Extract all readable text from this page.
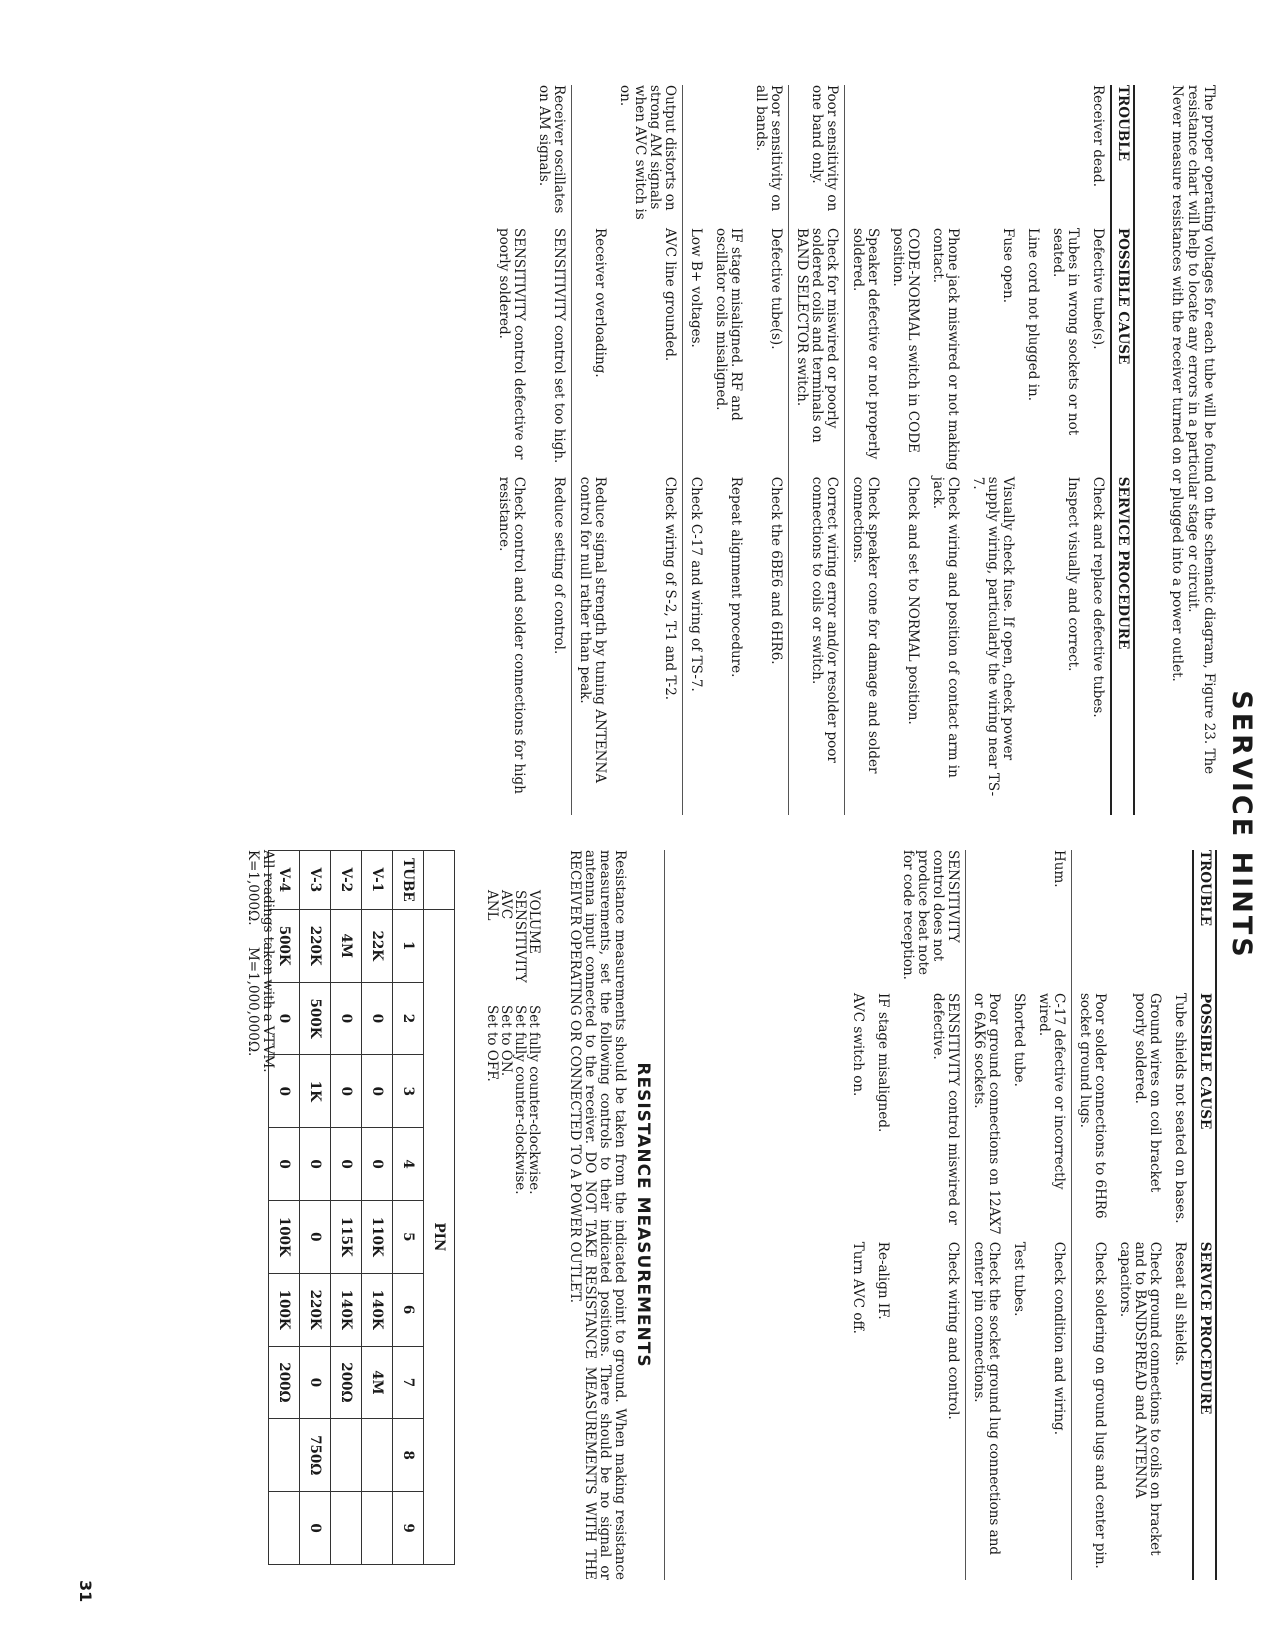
SERVICE HINTS

The proper operating voltages for each tube will be found on the schematic diagram, Figure 23. The resistance chart will help to locate any errors in a particular stage or circuit.

Never measure resistances with the receiver turned on or plugged into a power outlet.

TROUBLE	POSSIBLE CAUSE	SERVICE PROCEDURE
Receiver dead.	Defective tube(s).	Check and replace defective tubes.
	Tubes in wrong sockets or not seated.	Inspect visually and correct.
	Line cord not plugged in.	
	Fuse open.	Visually check fuse. If open, check power supply wiring, particularly the wiring near TS-7.
	Phone jack miswired or not making contact.	Check wiring and position of contact arm in jack.
	CODE-NORMAL switch in CODE position.	Check and set to NORMAL position.
	Speaker defective or not properly soldered.	Check speaker cone for damage and solder connections.
Poor sensitivity on one band only.	Check for miswired or poorly soldered coils and terminals on BAND SELECTOR switch.	Correct wiring error and/or resolder poor connections to coils or switch.
Poor sensitivity on all bands.	Defective tube(s).	Check the 6BE6 and 6HR6.
	IF stage misaligned. RF and oscillator coils misaligned.	Repeat alignment procedure.
	Low B+ voltages.	Check C-17 and wiring of TS-7.
Output distorts on strong AM signals when AVC switch is on.	AVC line grounded.	Check wiring of S-2, T-1 and T-2.
	Receiver overloading.	Reduce signal strength by tuning ANTENNA control for null rather than peak.
Receiver oscillates on AM signals.	SENSITIVITY control set too high.	Reduce setting of control.
	SENSITIVITY control defective or poorly soldered.	Check control and solder connections for high resistance.
TROUBLE	POSSIBLE CAUSE	SERVICE PROCEDURE
	Tube shields not seated on bases.	Reseat all shields.
	Ground wires on coil bracket poorly soldered.	Check ground connections to coils on bracket and to BANDSPREAD and ANTENNA capacitors.
	Poor solder connections to 6HR6 socket ground lugs.	Check soldering on ground lugs and center pin.
Hum.	C-17 defective or incorrectly wired.	Check condition and wiring.
	Shorted tube.	Test tubes.
	Poor ground connections on 12AX7 or 6AK6 sockets.	Check the socket ground lug connections and center pin connections.
SENSITIVITY control does not produce beat note for code reception.	SENSITIVITY control miswired or defective.	Check wiring and control.
	IF stage misaligned.	Re-align IF.
	AVC switch on.	Turn AVC off.
RESISTANCE MEASUREMENTS
Resistance measurements should be taken from the indicated point to ground. When making resistance measurements, set the following controls to their indicated positions. There should be no signal or antenna input connected to the receiver. DO NOT TAKE RESISTANCE MEASUREMENTS WITH THE RECEIVER OPERATING OR CONNECTED TO A POWER OUTLET.
VOLUME
Set fully counter-clockwise.
SENSITIVITY
Set fully counter-clockwise.
AVC
Set to ON.
ANL
Set to OFF.
	PIN								
TUBE	1	2	3	4	5	6	7	8	9
V-1	22K	0	0	0	110K	140K	4M		
V-2	4M	0	0	0	115K	140K	200Ω		
V-3	220K	500K	1K	0	0	220K	0	750Ω	0
V-4	500K	0	0	0	100K	100K	200Ω		
All readings taken with a VTVM.
K=1,000Ω.     M=1,000,000Ω.
31
